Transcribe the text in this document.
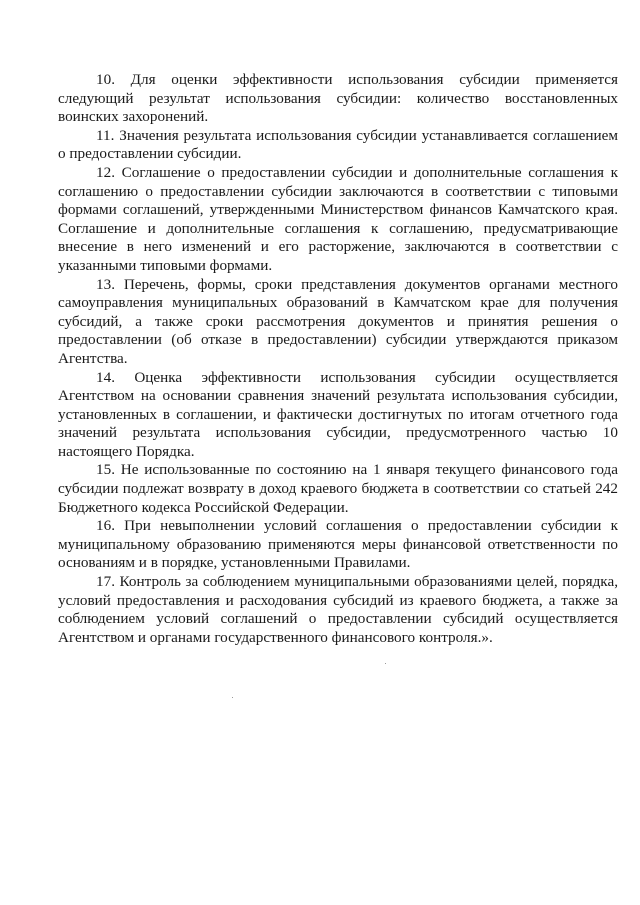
10. Для оценки эффективности использования субсидии применяется следующий результат использования субсидии: количество восстановленных воинских захоронений.

11. Значения результата использования субсидии устанавливается соглашением о предоставлении субсидии.

12. Соглашение о предоставлении субсидии и дополнительные соглашения к соглашению о предоставлении субсидии заключаются в соответствии с типовыми формами соглашений, утвержденными Министерством финансов Камчатского края. Соглашение и дополнительные соглашения к соглашению, предусматривающие внесение в него изменений и его расторжение, заключаются в соответствии с указанными типовыми формами.

13. Перечень, формы, сроки представления документов органами местного самоуправления муниципальных образований в Камчатском крае для получения субсидий, а также сроки рассмотрения документов и принятия решения о предоставлении (об отказе в предоставлении) субсидии утверждаются приказом Агентства.

14. Оценка эффективности использования субсидии осуществляется Агентством на основании сравнения значений результата использования субсидии, установленных в соглашении, и фактически достигнутых по итогам отчетного года значений результата использования субсидии, предусмотренного частью 10 настоящего Порядка.

15. Не использованные по состоянию на 1 января текущего финансового года субсидии подлежат возврату в доход краевого бюджета в соответствии со статьей 242 Бюджетного кодекса Российской Федерации.

16. При невыполнении условий соглашения о предоставлении субсидии к муниципальному образованию применяются меры финансовой ответственности по основаниям и в порядке, установленными Правилами.

17. Контроль за соблюдением муниципальными образованиями целей, порядка, условий предоставления и расходования субсидий из краевого бюджета, а также за соблюдением условий соглашений о предоставлении субсидий осуществляется Агентством и органами государственного финансового контроля.».
